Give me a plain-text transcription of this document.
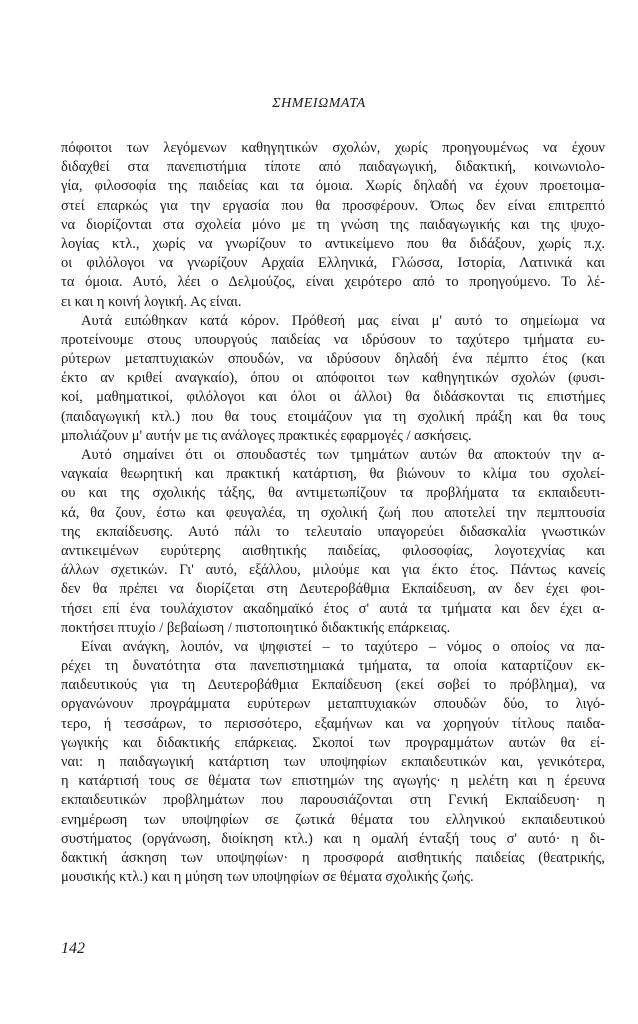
ΣΗΜΕΙΩΜΑΤΑ
πόφοιτοι των λεγόμενων καθηγητικών σχολών, χωρίς προηγουμένως να έχουν
διδαχθεί στα πανεπιστήμια τίποτε από παιδαγωγική, διδακτική, κοινωνιολο-
γία, φιλοσοφία της παιδείας και τα όμοια. Χωρίς δηλαδή να έχουν προετοιμα-
στεί επαρκώς για την εργασία που θα προσφέρουν. Όπως δεν είναι επιτρεπτό
να διορίζονται στα σχολεία μόνο με τη γνώση της παιδαγωγικής και της ψυχο-
λογίας κτλ., χωρίς να γνωρίζουν το αντικείμενο που θα διδάξουν, χωρίς π.χ.
οι φιλόλογοι να γνωρίζουν Αρχαία Ελληνικά, Γλώσσα, Ιστορία, Λατινικά και
τα όμοια. Αυτό, λέει ο Δελμούζος, είναι χειρότερο από το προηγούμενο. Το λέ-
ει και η κοινή λογική. Ας είναι.
Αυτά ειπώθηκαν κατά κόρον. Πρόθεσή μας είναι μ' αυτό το σημείωμα να
προτείνουμε στους υπουργούς παιδείας να ιδρύσουν το ταχύτερο τμήματα ευ-
ρύτερων μεταπτυχιακών σπουδών, να ιδρύσουν δηλαδή ένα πέμπτο έτος (και
έκτο αν κριθεί αναγκαίο), όπου οι απόφοιτοι των καθηγητικών σχολών (φυσι-
κοί, μαθηματικοί, φιλόλογοι και όλοι οι άλλοι) θα διδάσκονται τις επιστήμες
(παιδαγωγική κτλ.) που θα τους ετοιμάζουν για τη σχολική πράξη και θα τους
μπολιάζουν μ' αυτήν με τις ανάλογες πρακτικές εφαρμογές / ασκήσεις.
Αυτό σημαίνει ότι οι σπουδαστές των τμημάτων αυτών θα αποκτούν την α-
ναγκαία θεωρητική και πρακτική κατάρτιση, θα βιώνουν το κλίμα του σχολεί-
ου και της σχολικής τάξης, θα αντιμετωπίζουν τα προβλήματα τα εκπαιδευτι-
κά, θα ζουν, έστω και φευγαλέα, τη σχολική ζωή που αποτελεί την πεμπτουσία
της εκπαίδευσης. Αυτό πάλι το τελευταίο υπαγορεύει διδασκαλία γνωστικών
αντικειμένων ευρύτερης αισθητικής παιδείας, φιλοσοφίας, λογοτεχνίας και
άλλων σχετικών. Γι' αυτό, εξάλλου, μιλούμε και για έκτο έτος. Πάντως κανείς
δεν θα πρέπει να διορίζεται στη Δευτεροβάθμια Εκπαίδευση, αν δεν έχει φοι-
τήσει επί ένα τουλάχιστον ακαδημαϊκό έτος σ' αυτά τα τμήματα και δεν έχει α-
ποκτήσει πτυχίο / βεβαίωση / πιστοποιητικό διδακτικής επάρκειας.
Είναι ανάγκη, λοιπόν, να ψηφιστεί – το ταχύτερο – νόμος ο οποίος να πα-
ρέχει τη δυνατότητα στα πανεπιστημιακά τμήματα, τα οποία καταρτίζουν εκ-
παιδευτικούς για τη Δευτεροβάθμια Εκπαίδευση (εκεί σοβεί το πρόβλημα), να
οργανώνουν προγράμματα ευρύτερων μεταπτυχιακών σπουδών δύο, το λιγό-
τερο, ή τεσσάρων, το περισσότερο, εξαμήνων και να χορηγούν τίτλους παιδα-
γωγικής και διδακτικής επάρκειας. Σκοποί των προγραμμάτων αυτών θα εί-
ναι: η παιδαγωγική κατάρτιση των υποψηφίων εκπαιδευτικών και, γενικότερα,
η κατάρτισή τους σε θέματα των επιστημών της αγωγής· η μελέτη και η έρευνα
εκπαιδευτικών προβλημάτων που παρουσιάζονται στη Γενική Εκπαίδευση· η
ενημέρωση των υποψηφίων σε ζωτικά θέματα του ελληνικού εκπαιδευτικού
συστήματος (οργάνωση, διοίκηση κτλ.) και η ομαλή ένταξή τους σ' αυτό· η δι-
δακτική άσκηση των υποψηφίων· η προσφορά αισθητικής παιδείας (θεατρικής,
μουσικής κτλ.) και η μύηση των υποψηφίων σε θέματα σχολικής ζωής.
142
